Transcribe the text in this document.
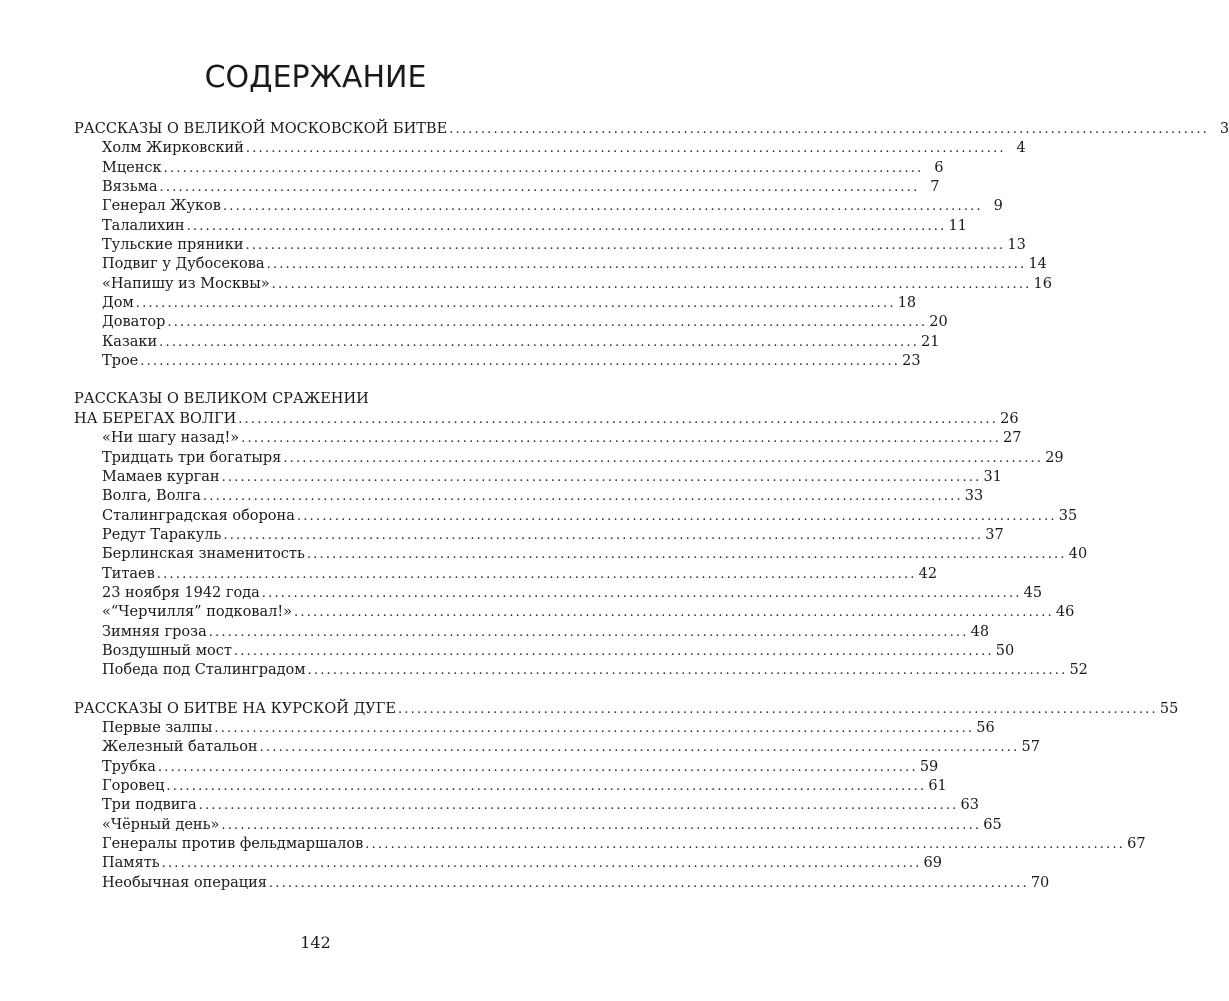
СОДЕРЖАНИЕ
РАССКАЗЫ О ВЕЛИКОЙ МОСКОВСКОЙ БИТВЕ ........................................................................................................................ 3
Холм Жирковский ........................................................................................................................ 4
Мценск ........................................................................................................................ 6
Вязьма ........................................................................................................................ 7
Генерал Жуков ........................................................................................................................ 9
Талалихин ........................................................................................................................ 11
Тульские пряники ........................................................................................................................ 13
Подвиг у Дубосекова ........................................................................................................................ 14
«Напишу из Москвы» ........................................................................................................................ 16
Дом ........................................................................................................................ 18
Доватор ........................................................................................................................ 20
Казаки ........................................................................................................................ 21
Трое ........................................................................................................................ 23
РАССКАЗЫ О ВЕЛИКОМ СРАЖЕНИИ
НА БЕРЕГАХ ВОЛГИ ........................................................................................................................ 26
«Ни шагу назад!» ........................................................................................................................ 27
Тридцать три богатыря ........................................................................................................................ 29
Мамаев курган ........................................................................................................................ 31
Волга, Волга ........................................................................................................................ 33
Сталинградская оборона ........................................................................................................................ 35
Редут Таракуль ........................................................................................................................ 37
Берлинская знаменитость ........................................................................................................................ 40
Титаев ........................................................................................................................ 42
23 ноября 1942 года ........................................................................................................................ 45
«“Черчилля” подковал!» ........................................................................................................................ 46
Зимняя гроза ........................................................................................................................ 48
Воздушный мост ........................................................................................................................ 50
Победа под Сталинградом ........................................................................................................................ 52
РАССКАЗЫ О БИТВЕ НА КУРСКОЙ ДУГЕ ........................................................................................................................ 55
Первые залпы ........................................................................................................................ 56
Железный батальон ........................................................................................................................ 57
Трубка ........................................................................................................................ 59
Горовец ........................................................................................................................ 61
Три подвига ........................................................................................................................ 63
«Чёрный день» ........................................................................................................................ 65
Генералы против фельдмаршалов ........................................................................................................................ 67
Память ........................................................................................................................ 69
Необычная операция ........................................................................................................................ 70
142
